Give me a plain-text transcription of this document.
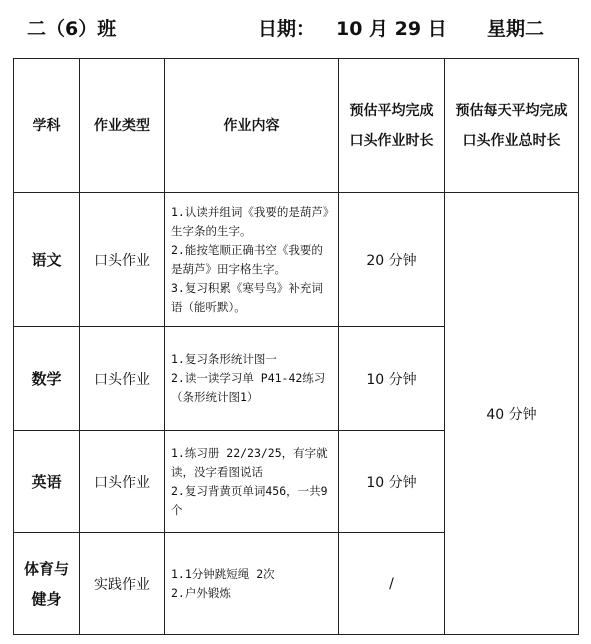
二（6）班	日期： 10 月 29 日 星期二
学科	作业类型	作业内容	预估平均完成口头作业时长	预估每天平均完成口头作业总时长
语文	口头作业	1.认读并组词《我要的是葫芦》生字条的生字。
2.能按笔顺正确书空《我要的是葫芦》田字格生字。
3.复习积累《寒号鸟》补充词语（能听默）。	20 分钟	40 分钟
数学	口头作业	1.复习条形统计图一
2.读一读学习单 P41-42练习（条形统计图1）	10 分钟	
英语	口头作业	1.练习册 22/23/25，有字就读，没字看图说话
2.复习背黄页单词456，一共9个	10 分钟	
体育与健身	实践作业	1.1分钟跳短绳 2次
2.户外锻炼	/	
